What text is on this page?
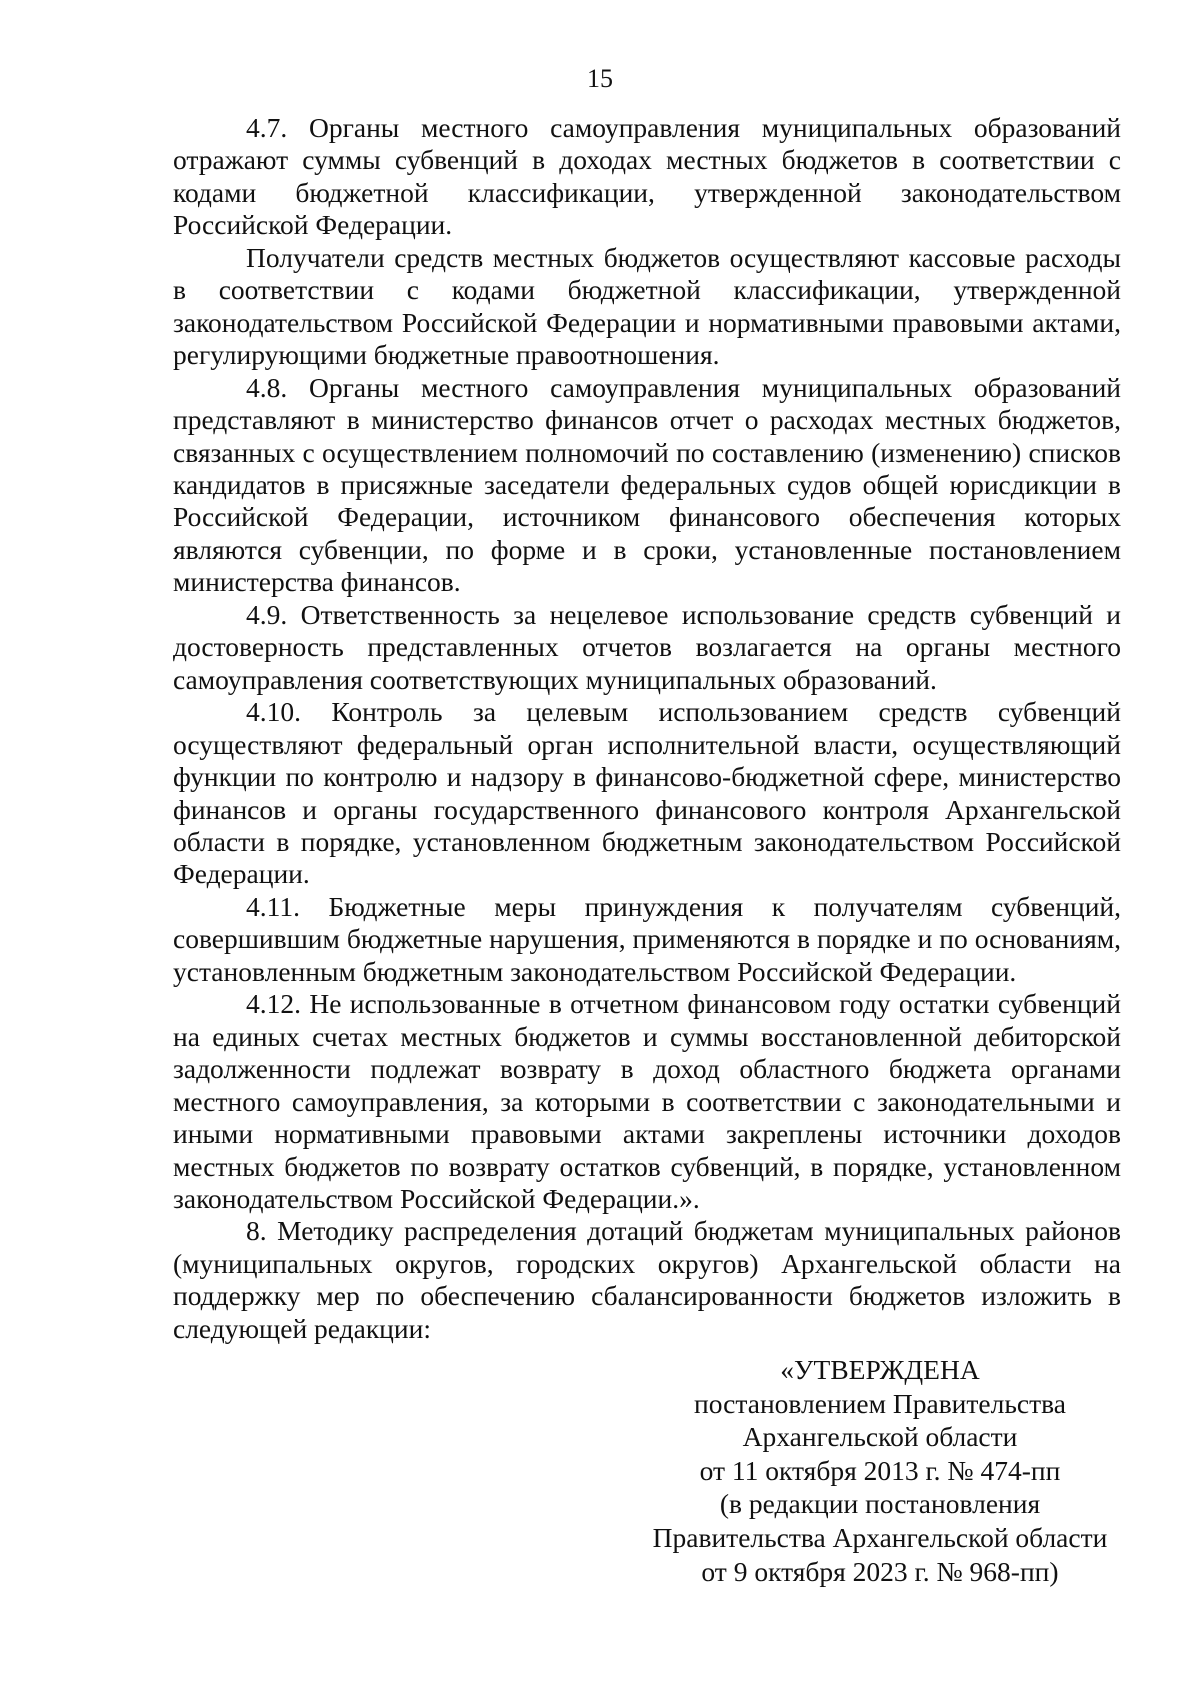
15

4.7. Органы местного самоуправления муниципальных образований отражают суммы субвенций в доходах местных бюджетов в соответствии с кодами бюджетной классификации, утвержденной законодательством Российской Федерации.

Получатели средств местных бюджетов осуществляют кассовые расходы в соответствии с кодами бюджетной классификации, утвержденной законодательством Российской Федерации и нормативными правовыми актами, регулирующими бюджетные правоотношения.

4.8. Органы местного самоуправления муниципальных образований представляют в министерство финансов отчет о расходах местных бюджетов, связанных с осуществлением полномочий по составлению (изменению) списков кандидатов в присяжные заседатели федеральных судов общей юрисдикции в Российской Федерации, источником финансового обеспечения которых являются субвенции, по форме и в сроки, установленные постановлением министерства финансов.

4.9. Ответственность за нецелевое использование средств субвенций и достоверность представленных отчетов возлагается на органы местного самоуправления соответствующих муниципальных образований.

4.10. Контроль за целевым использованием средств субвенций осуществляют федеральный орган исполнительной власти, осуществляющий функции по контролю и надзору в финансово-бюджетной сфере, министерство финансов и органы государственного финансового контроля Архангельской области в порядке, установленном бюджетным законодательством Российской Федерации.

4.11. Бюджетные меры принуждения к получателям субвенций, совершившим бюджетные нарушения, применяются в порядке и по основаниям, установленным бюджетным законодательством Российской Федерации.

4.12. Не использованные в отчетном финансовом году остатки субвенций на единых счетах местных бюджетов и суммы восстановленной дебиторской задолженности подлежат возврату в доход областного бюджета органами местного самоуправления, за которыми в соответствии с законодательными и иными нормативными правовыми актами закреплены источники доходов местных бюджетов по возврату остатков субвенций, в порядке, установленном законодательством Российской Федерации.».

8. Методику распределения дотаций бюджетам муниципальных районов (муниципальных округов, городских округов) Архангельской области на поддержку мер по обеспечению сбалансированности бюджетов изложить в следующей редакции:

«УТВЕРЖДЕНА
постановлением Правительства
Архангельской области
от 11 октября 2013 г. № 474-пп
(в редакции постановления
Правительства Архангельской области
от 9 октября 2023 г. № 968-пп)
